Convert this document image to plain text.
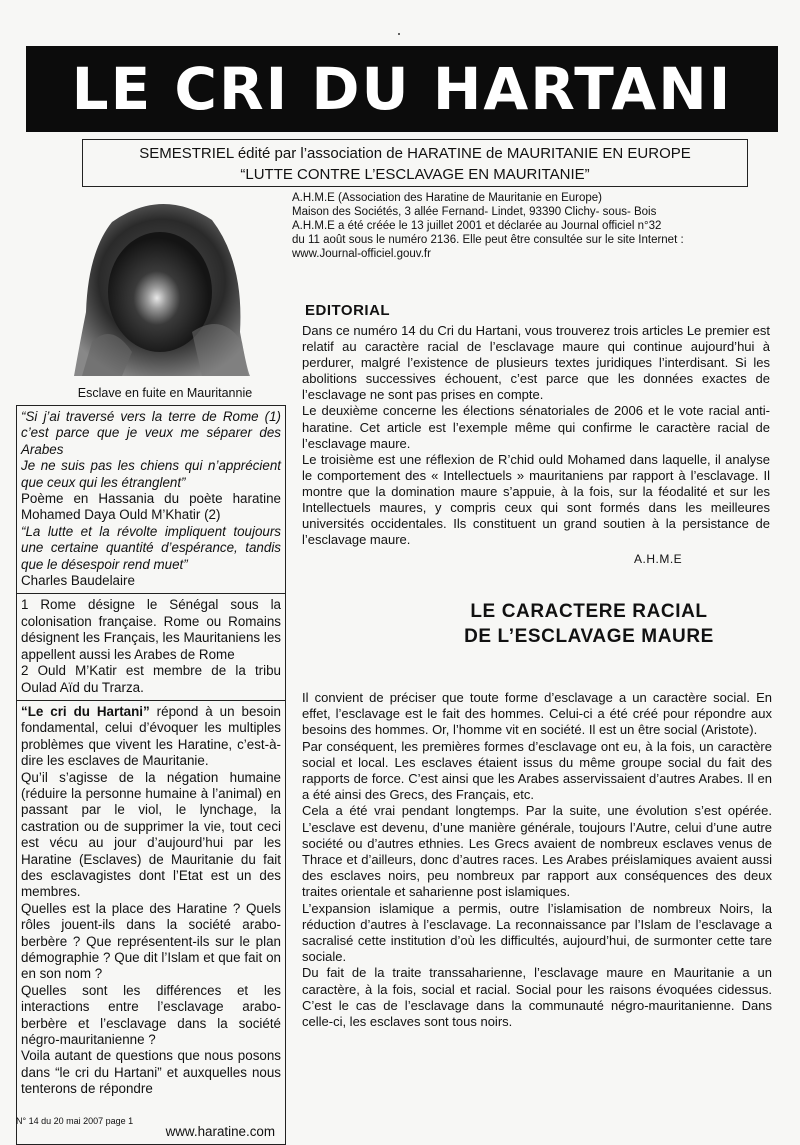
LE CRI DU HARTANI
SEMESTRIEL édité par l’association de HARATINE de MAURITANIE EN EUROPE
“LUTTE CONTRE L’ESCLAVAGE EN MAURITANIE”
A.H.M.E (Association des Haratine de Mauritanie en Europe)
Maison des Sociétés, 3 allée Fernand- Lindet, 93390 Clichy- sous- Bois
A.H.M.E a été créée le 13 juillet 2001 et déclarée au Journal officiel n°32
du 11 août sous le numéro 2136. Elle peut être consultée sur le site Internet :
www.Journal-officiel.gouv.fr
Esclave en fuite en Mauritannie

“Si j’ai traversé vers la terre de Rome (1) c’est parce que je veux me séparer des Arabes

Je ne suis pas les chiens qui n’apprécient que ceux qui les étranglent”

Poème en Hassania du poète haratine Mohamed Daya Ould M’Khatir (2)

“La lutte et la révolte impliquent toujours une certaine quantité d’espérance, tandis que le désespoir rend muet”

Charles Baudelaire

1 Rome désigne le Sénégal sous la colonisation française. Rome ou Romains désignent les Français, les Mauritaniens les appellent aussi les Arabes de Rome

2 Ould M’Katir est membre de la tribu Oulad Aïd du Trarza.

“Le cri du Hartani” répond à un besoin fondamental, celui d’évoquer les multiples problèmes que vivent les Haratine, c’est-à-dire les esclaves de Mauritanie.

Qu’il s’agisse de la négation humaine (réduire la personne humaine à l’animal) en passant par le viol, le lynchage, la castration ou de supprimer la vie, tout ceci est vécu au jour d’aujourd’hui par les Haratine (Esclaves) de Mauritanie du fait des esclavagistes dont l’Etat est un des membres.

Quelles est la place des Haratine ? Quels rôles jouent-ils dans la société arabo-berbère ? Que représentent-ils sur le plan démographie ? Que dit l’Islam et que fait on en son nom ?

Quelles sont les différences et les interactions entre l’esclavage arabo-berbère et l’esclavage dans la société négro-mauritanienne ?

Voila autant de questions que nous posons dans “le cri du Hartani” et auxquelles nous tenterons de répondre

www.haratine.com
EDITORIAL

Dans ce numéro 14 du Cri du Hartani, vous trouverez trois articles Le premier est relatif au caractère racial de l’esclavage maure qui continue aujourd’hui à perdurer, malgré l’existence de plusieurs textes juridiques l’interdisant. Si les abolitions successives échouent, c’est parce que les données exactes de l’esclavage ne sont pas prises en compte.

Le deuxième concerne les élections sénatoriales de 2006 et le vote racial anti-haratine. Cet article est l’exemple même qui confirme le caractère racial de l’esclavage maure.

Le troisième est une réflexion de R’chid ould Mohamed dans laquelle, il analyse le comportement des « Intellectuels » mauritaniens par rapport à l’esclavage. Il montre que la domination maure s’appuie, à la fois, sur la féodalité et sur les Intellectuels maures, y compris ceux qui sont formés dans les meilleures universités occidentales. Ils constituent un grand soutien à la persistance de l’esclavage maure.

A.H.M.E
LE CARACTERE RACIAL
DE L’ESCLAVAGE MAURE

Il convient de préciser que toute forme d’esclavage a un caractère social. En effet, l’esclavage est le fait des hommes. Celui-ci a été créé pour répondre aux besoins des hommes. Or, l’homme vit en société. Il est un être social (Aristote).

Par conséquent, les premières formes d’esclavage ont eu, à la fois, un caractère social et local. Les esclaves étaient issus du même groupe social du fait des rapports de force. C’est ainsi que les Arabes asservissaient d’autres Arabes. Il en a été ainsi des Grecs, des Français, etc.

Cela a été vrai pendant longtemps. Par la suite, une évolution s’est opérée. L’esclave est devenu, d’une manière générale, toujours l’Autre, celui d’une autre société ou d’autres ethnies. Les Grecs avaient de nombreux esclaves venus de Thrace et d’ailleurs, donc d’autres races. Les Arabes préislamiques avaient aussi des esclaves noirs, peu nombreux par rapport aux conséquences des deux traites orientale et saharienne post islamiques.

L’expansion islamique a permis, outre l’islamisation de nombreux Noirs, la réduction d’autres à l’esclavage. La reconnaissance par l’Islam de l’esclavage a sacralisé cette institution d’où les difficultés, aujourd’hui, de surmonter cette tare sociale.

Du fait de la traite transsaharienne, l’esclavage maure en Mauritanie a un caractère, à la fois, social et racial. Social pour les raisons évoquées cidessus. C’est le cas de l’esclavage dans la communauté négro-mauritanienne. Dans celle-ci, les esclaves sont tous noirs.

N° 14 du 20 mai 2007 page 1
